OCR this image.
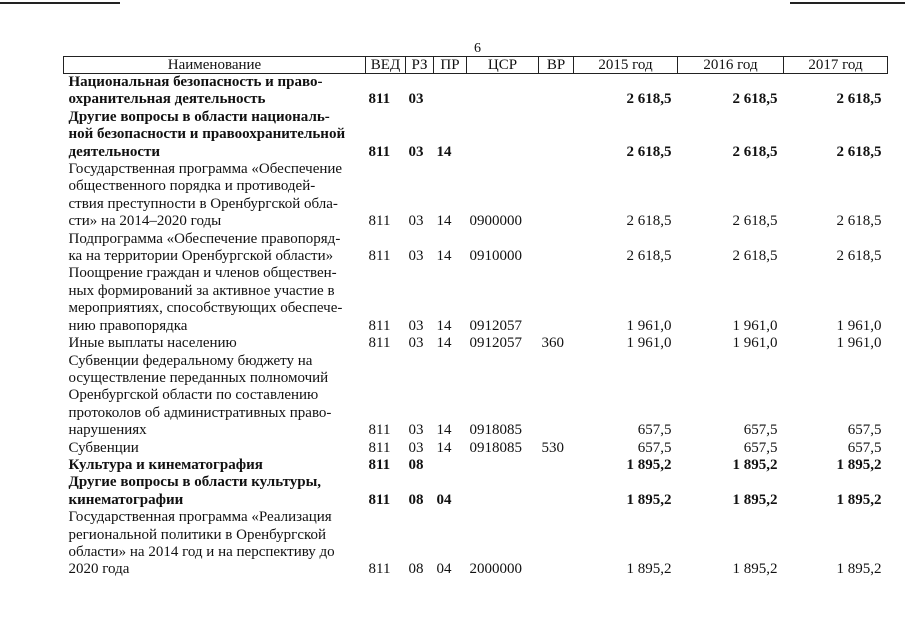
6
Наименование	ВЕД	РЗ	ПР	ЦСР	ВР	2015 год	2016 год	2017 год

Национальная безопасность и право-
охранительная деятельность	811	03				2 618,5	2 618,5	2 618,5

Другие вопросы в области националь-
ной безопасности и правоохранительной
деятельности	811	03	14			2 618,5	2 618,5	2 618,5

Государственная программа «Обеспечение
общественного порядка и противодей-
ствия преступности в Оренбургской обла-
сти» на 2014–2020 годы	811	03	14	0900000		2 618,5	2 618,5	2 618,5

Подпрограмма «Обеспечение правопоряд-
ка на территории Оренбургской области»	811	03	14	0910000		2 618,5	2 618,5	2 618,5

Поощрение граждан и членов обществен-
ных формирований за активное участие в
мероприятиях, способствующих обеспече-
нию правопорядка	811	03	14	0912057		1 961,0	1 961,0	1 961,0

Иные выплаты населению	811	03	14	0912057	360	1 961,0	1 961,0	1 961,0

Субвенции федеральному бюджету на
осуществление переданных полномочий
Оренбургской области по составлению
протоколов об административных право-
нарушениях	811	03	14	0918085		657,5	657,5	657,5

Субвенции	811	03	14	0918085	530	657,5	657,5	657,5

Культура и кинематография	811	08				1 895,2	1 895,2	1 895,2

Другие вопросы в области культуры,
кинематографии	811	08	04			1 895,2	1 895,2	1 895,2

Государственная программа «Реализация
региональной политики в Оренбургской
области» на 2014 год и на перспективу до
2020 года	811	08	04	2000000		1 895,2	1 895,2	1 895,2
